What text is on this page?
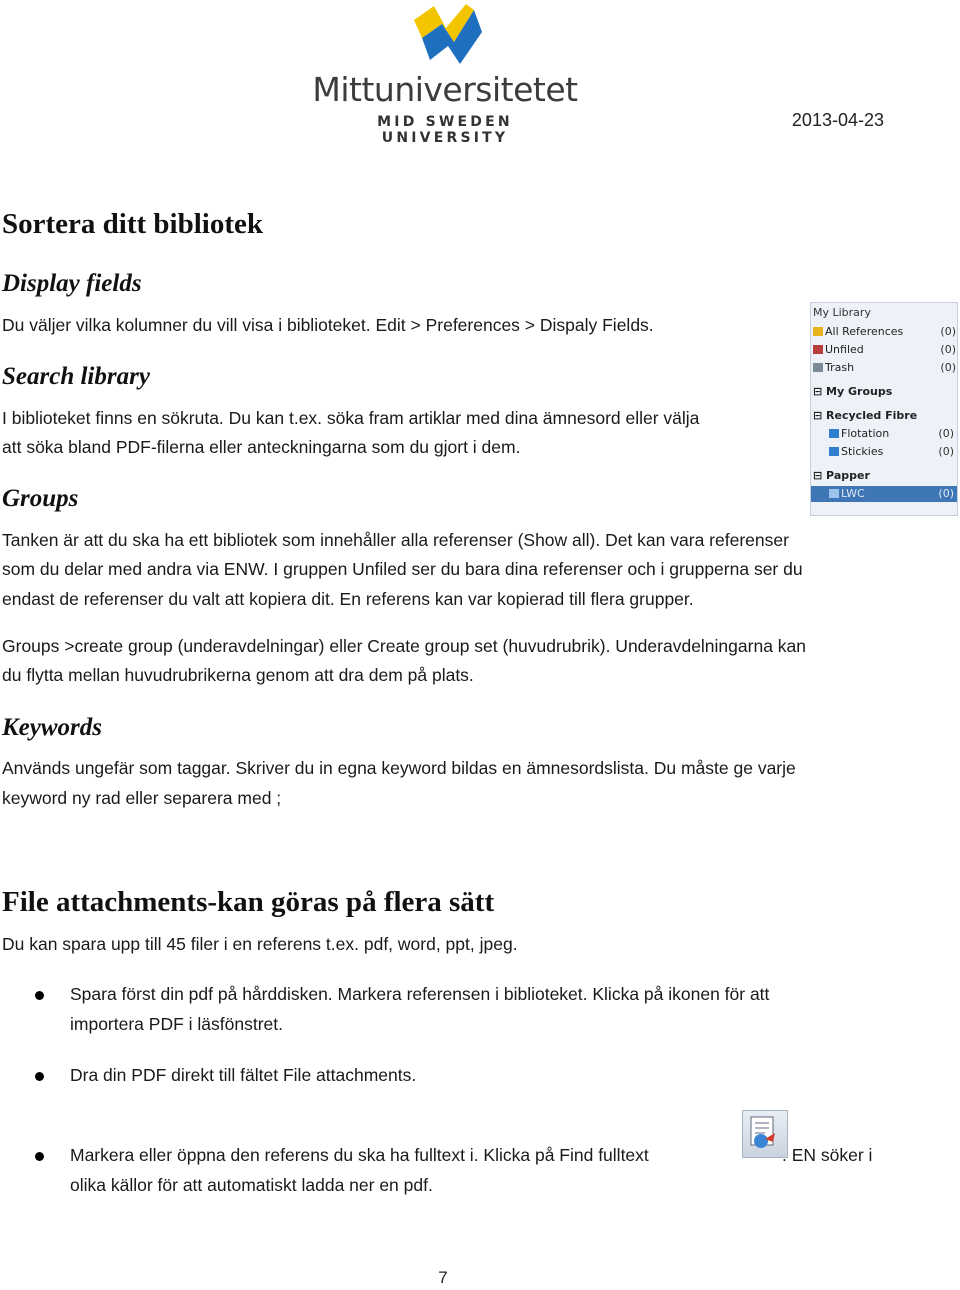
Mittuniversitetet
MID SWEDEN UNIVERSITY
2013-04-23
Sortera ditt bibliotek
Display fields

Du väljer vilka kolumner du vill visa i biblioteket. Edit > Preferences > Dispaly Fields.

Search library

I biblioteket finns en sökruta. Du kan t.ex. söka fram artiklar med dina ämnesord eller välja

att söka bland PDF-filerna eller anteckningarna som du gjort i dem.

Groups

Tanken är att du ska ha ett bibliotek som innehåller alla referenser (Show all). Det kan vara referenser

som du delar med andra via ENW. I gruppen Unfiled ser du bara dina referenser och i grupperna ser du

endast de referenser du valt att kopiera dit. En referens kan var kopierad till flera grupper.

Groups >create group (underavdelningar) eller Create group set (huvudrubrik). Underavdelningarna kan

du flytta mellan huvudrubrikerna genom att dra dem på plats.

Keywords

Används ungefär som taggar. Skriver du in egna keyword bildas en ämnesordslista. Du måste ge varje

keyword ny rad eller separera med ;

File attachments-kan göras på flera sätt

Du kan spara upp till 45 filer i en referens t.ex. pdf, word, ppt, jpeg.

Spara först din pdf på hårddisken. Markera referensen i biblioteket. Klicka på ikonen för att
importera PDF i läsfönstret.
Dra din PDF direkt till fältet File attachments.
Markera eller öppna den referens du ska ha fulltext i. Klicka på Find fulltext	. EN söker i

olika källor för att automatiskt ladda ner en pdf.
My Library
All References	(0)
Unfiled	(0)
Trash	(0)
⊟ My Groups
⊟ Recycled Fibre
Flotation	(0)
Stickies	(0)
⊟ Papper
LWC	(0)
7
